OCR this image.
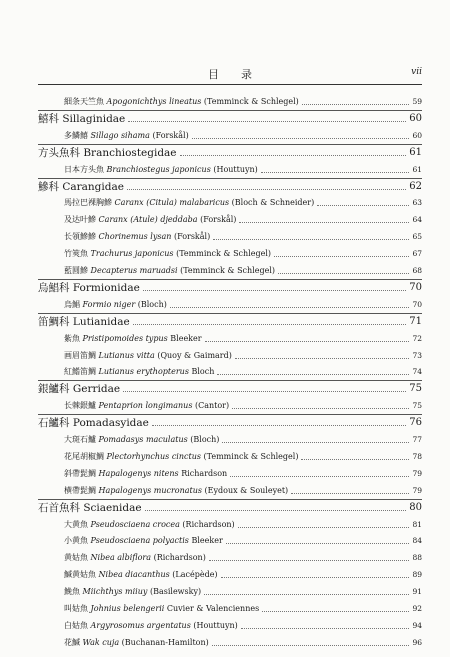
目录	vii
細条天竺魚 Apogonichthys lineatus (Temminck & Schlegel)	59
鱚科 Sillaginidae	60
多鱗鱚 Sillago sihama (Forskål)	60
方头魚科 Branchiostegidae	61
日本方头魚 Branchiostegus japonicus (Houttuyn)	61
鰺科 Carangidae	62
馬拉巴裸胸鰺 Caranx (Citula) malabaricus (Bloch & Schneider)	63
及达叶鰺 Caranx (Atule) djeddaba (Forskål)	64
长領鰺鰺 Chorinemus lysan (Forskål)	65
竹筴魚 Trachurus japonicus (Temminck & Schlegel)	67
藍圆鰺 Decapterus maruadsi (Temminck & Schlegel)	68
烏鯧科 Formionidae	70
烏鯧 Formio niger (Bloch)	70
笛鯛科 Lutianidae	71
紫魚 Pristipomoides typus Bleeker	72
画眉笛鯛 Lutianus vitta (Quoy & Gaimard)	73
紅鰭笛鯛 Lutianus erythopterus Bloch	74
銀鱸科 Gerridae	75
长棘銀鱸 Pentaprion longimanus (Cantor)	75
石鱸科 Pomadasyidae	76
大斑石鱸 Pomadasys maculatus (Bloch)	77
花尾胡椒鯛 Plectorhynchus cinctus (Temminck & Schlegel)	78
斜帶髭鯛 Hapalogenys nitens Richardson	79
横帶髭鯛 Hapalogenys mucronatus (Eydoux & Souleyet)	79
石首魚科 Sciaenidae	80
大黄魚 Pseudosciaena crocea (Richardson)	81
小黄魚 Pseudosciaena polyactis Bleeker	84
黄姑魚 Nibea albiflora (Richardson)	88
鰔黄姑魚 Nibea diacanthus (Lacépède)	89
鮸魚 Miichthys miiuy (Basilewsky)	91
叫姑魚 Johnius belengerii Cuvier & Valenciennes	92
白姑魚 Argyrosomus argentatus (Houttuyn)	94
花鰔 Wak cuja (Buchanan-Hamilton)	96
